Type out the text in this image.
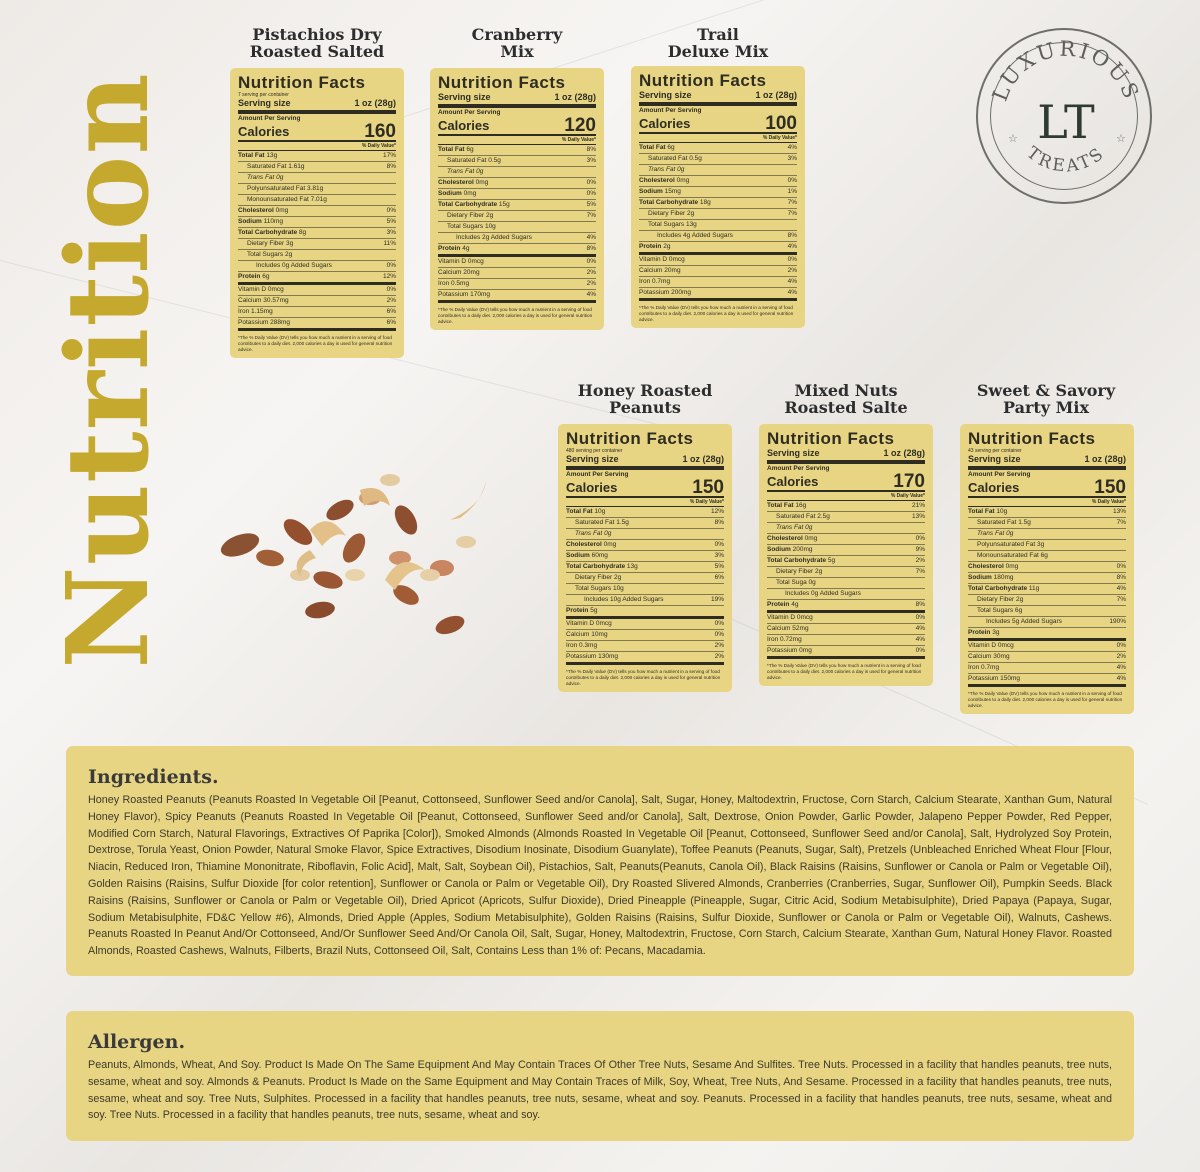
Nutrition	LUXURIOUS
TREATS
LT
☆	☆
Pistachios Dry
Roasted Salted
Cranberry
Mix
Trail
Deluxe Mix
Honey Roasted
Peanuts
Mixed Nuts
Roasted Salte
Sweet & Savory
Party Mix
Nutrition Facts
7 serving per container
Serving size	1 oz (28g)
Amount Per Serving
Calories	160
% Daily Value*
Total Fat 13g	17%
Saturated Fat 1.61g	8%
Trans Fat 0g
Polyunsaturated Fat 3.81g
Monounsaturated Fat 7.01g
Cholesterol 0mg	0%
Sodium 110mg	5%
Total Carbohydrate 8g	3%
Dietary Fiber 3g	11%
Total Sugars 2g
Includes 0g Added Sugars	0%
Protein 6g	12%
Vitamin D 0mcg	0%
Calcium 30.57mg	2%
Iron 1.15mg	6%
Potassium 288mg	6%
*The % Daily Value (DV) tells you how much a nutrient in a serving of food contributes to a daily diet. 2,000 calories a day is used for general nutrition advice.
Nutrition Facts
Serving size	1 oz (28g)
Amount Per Serving
Calories	120
% Daily Value*
Total Fat 6g	8%
Saturated Fat 0.5g	3%
Trans Fat 0g
Cholesterol 0mg	0%
Sodium 0mg	0%
Total Carbohydrate 15g	5%
Dietary Fiber 2g	7%
Total Sugars 10g
Includes 2g Added Sugars	4%
Protein 4g	8%
Vitamin D 0mcg	0%
Calcium 20mg	2%
Iron 0.5mg	2%
Potassium 170mg	4%
*The % Daily Value (DV) tells you how much a nutrient in a serving of food contributes to a daily diet. 2,000 calories a day is used for general nutrition advice.
Nutrition Facts
Serving size	1 oz (28g)
Amount Per Serving
Calories	100
% Daily Value*
Total Fat 6g	4%
Saturated Fat 0.5g	3%
Trans Fat 0g
Cholesterol 0mg	0%
Sodium 15mg	1%
Total Carbohydrate 18g	7%
Dietary Fiber 2g	7%
Total Sugars 13g
Includes 4g Added Sugars	8%
Protein 2g	4%
Vitamin D 0mcg	0%
Calcium 20mg	2%
Iron 0.7mg	4%
Potassium 200mg	4%
*The % Daily Value (DV) tells you how much a nutrient in a serving of food contributes to a daily diet. 2,000 calories a day is used for general nutrition advice.
Nutrition Facts
480 serving per container
Serving size	1 oz (28g)
Amount Per Serving
Calories	150
% Daily Value*
Total Fat 10g	12%
Saturated Fat 1.5g	8%
Trans Fat 0g
Cholesterol 0mg	0%
Sodium 60mg	3%
Total Carbohydrate 13g	5%
Dietary Fiber 2g	6%
Total Sugars 10g
Includes 10g Added Sugars	19%
Protein 5g
Vitamin D 0mcg	0%
Calcium 10mg	0%
Iron 0.3mg	2%
Potassium 130mg	2%
*The % Daily Value (DV) tells you how much a nutrient in a serving of food contributes to a daily diet. 2,000 calories a day is used for general nutrition advice.
Nutrition Facts
Serving size	1 oz (28g)
Amount Per Serving
Calories	170
% Daily Value*
Total Fat 16g	21%
Saturated Fat 2.5g	13%
Trans Fat 0g
Cholesterol 0mg	0%
Sodium 200mg	9%
Total Carbohydrate 5g	2%
Dietary Fiber 2g	7%
Total Suga 0g
Includes 0g Added Sugars
Protein 4g	8%
Vitamin D 0mcg	0%
Calcium 52mg	4%
Iron 0.72mg	4%
Potassium 0mg	0%
*The % Daily Value (DV) tells you how much a nutrient in a serving of food contributes to a daily diet. 2,000 calories a day is used for general nutrition advice.
Nutrition Facts
43 serving per container
Serving size	1 oz (28g)
Amount Per Serving
Calories	150
% Daily Value*
Total Fat 10g	13%
Saturated Fat 1.5g	7%
Trans Fat 0g
Polyunsaturated Fat 3g
Monounsaturated Fat 6g
Cholesterol 0mg	0%
Sodium 180mg	8%
Total Carbohydrate 11g	4%
Dietary Fiber 2g	7%
Total Sugars 6g
Includes 5g Added Sugars	190%
Protein 3g
Vitamin D 0mcg	0%
Calcium 30mg	2%
Iron 0.7mg	4%
Potassium 150mg	4%
*The % Daily Value (DV) tells you how much a nutrient in a serving of food contributes to a daily diet. 2,000 calories a day is used for general nutrition advice.
Ingredients.
Honey Roasted Peanuts (Peanuts Roasted In Vegetable Oil [Peanut, Cottonseed, Sunflower Seed and/or Canola], Salt, Sugar, Honey, Maltodextrin, Fructose, Corn Starch, Calcium Stearate, Xanthan Gum, Natural Honey Flavor), Spicy Peanuts (Peanuts Roasted In Vegetable Oil [Peanut, Cottonseed, Sunflower Seed and/or Canola], Salt, Dextrose, Onion Powder, Garlic Powder, Jalapeno Pepper Powder, Red Pepper, Modified Corn Starch, Natural Flavorings, Extractives Of Paprika [Color]), Smoked Almonds (Almonds Roasted In Vegetable Oil [Peanut, Cottonseed, Sunflower Seed and/or Canola], Salt, Hydrolyzed Soy Protein, Dextrose, Torula Yeast, Onion Powder, Natural Smoke Flavor, Spice Extractives, Disodium Inosinate, Disodium Guanylate), Toffee Peanuts (Peanuts, Sugar, Salt), Pretzels (Unbleached Enriched Wheat Flour [Flour, Niacin, Reduced Iron, Thiamine Mononitrate, Riboflavin, Folic Acid], Malt, Salt, Soybean Oil), Pistachios, Salt, Peanuts(Peanuts, Canola Oil), Black Raisins (Raisins, Sunflower or Canola or Palm or Vegetable Oil), Golden Raisins (Raisins, Sulfur Dioxide [for color retention], Sunflower or Canola or Palm or Vegetable Oil), Dry Roasted Slivered Almonds, Cranberries (Cranberries, Sugar, Sunflower Oil), Pumpkin Seeds. Black Raisins (Raisins, Sunflower or Canola or Palm or Vegetable Oil), Dried Apricot (Apricots, Sulfur Dioxide), Dried Pineapple (Pineapple, Sugar, Citric Acid, Sodium Metabisulphite), Dried Papaya (Papaya, Sugar, Sodium Metabisulphite, FD&C Yellow #6), Almonds, Dried Apple (Apples, Sodium Metabisulphite), Golden Raisins (Raisins, Sulfur Dioxide, Sunflower or Canola or Palm or Vegetable Oil), Walnuts, Cashews. Peanuts Roasted In Peanut And/Or Cottonseed, And/Or Sunflower Seed And/Or Canola Oil, Salt, Sugar, Honey, Maltodextrin, Fructose, Corn Starch, Calcium Stearate, Xanthan Gum, Natural Honey Flavor. Roasted Almonds, Roasted Cashews, Walnuts, Filberts, Brazil Nuts, Cottonseed Oil, Salt, Contains Less than 1% of: Pecans, Macadamia.
Allergen.
Peanuts, Almonds, Wheat, And Soy. Product Is Made On The Same Equipment And May Contain Traces Of Other Tree Nuts, Sesame And Sulfites. Tree Nuts. Processed in a facility that handles peanuts, tree nuts, sesame, wheat and soy. Almonds & Peanuts. Product Is Made on the Same Equipment and May Contain Traces of Milk, Soy, Wheat, Tree Nuts, And Sesame. Processed in a facility that handles peanuts, tree nuts, sesame, wheat and soy. Tree Nuts, Sulphites. Processed in a facility that handles peanuts, tree nuts, sesame, wheat and soy. Peanuts. Processed in a facility that handles peanuts, tree nuts, sesame, wheat and soy. Tree Nuts. Processed in a facility that handles peanuts, tree nuts, sesame, wheat and soy.
